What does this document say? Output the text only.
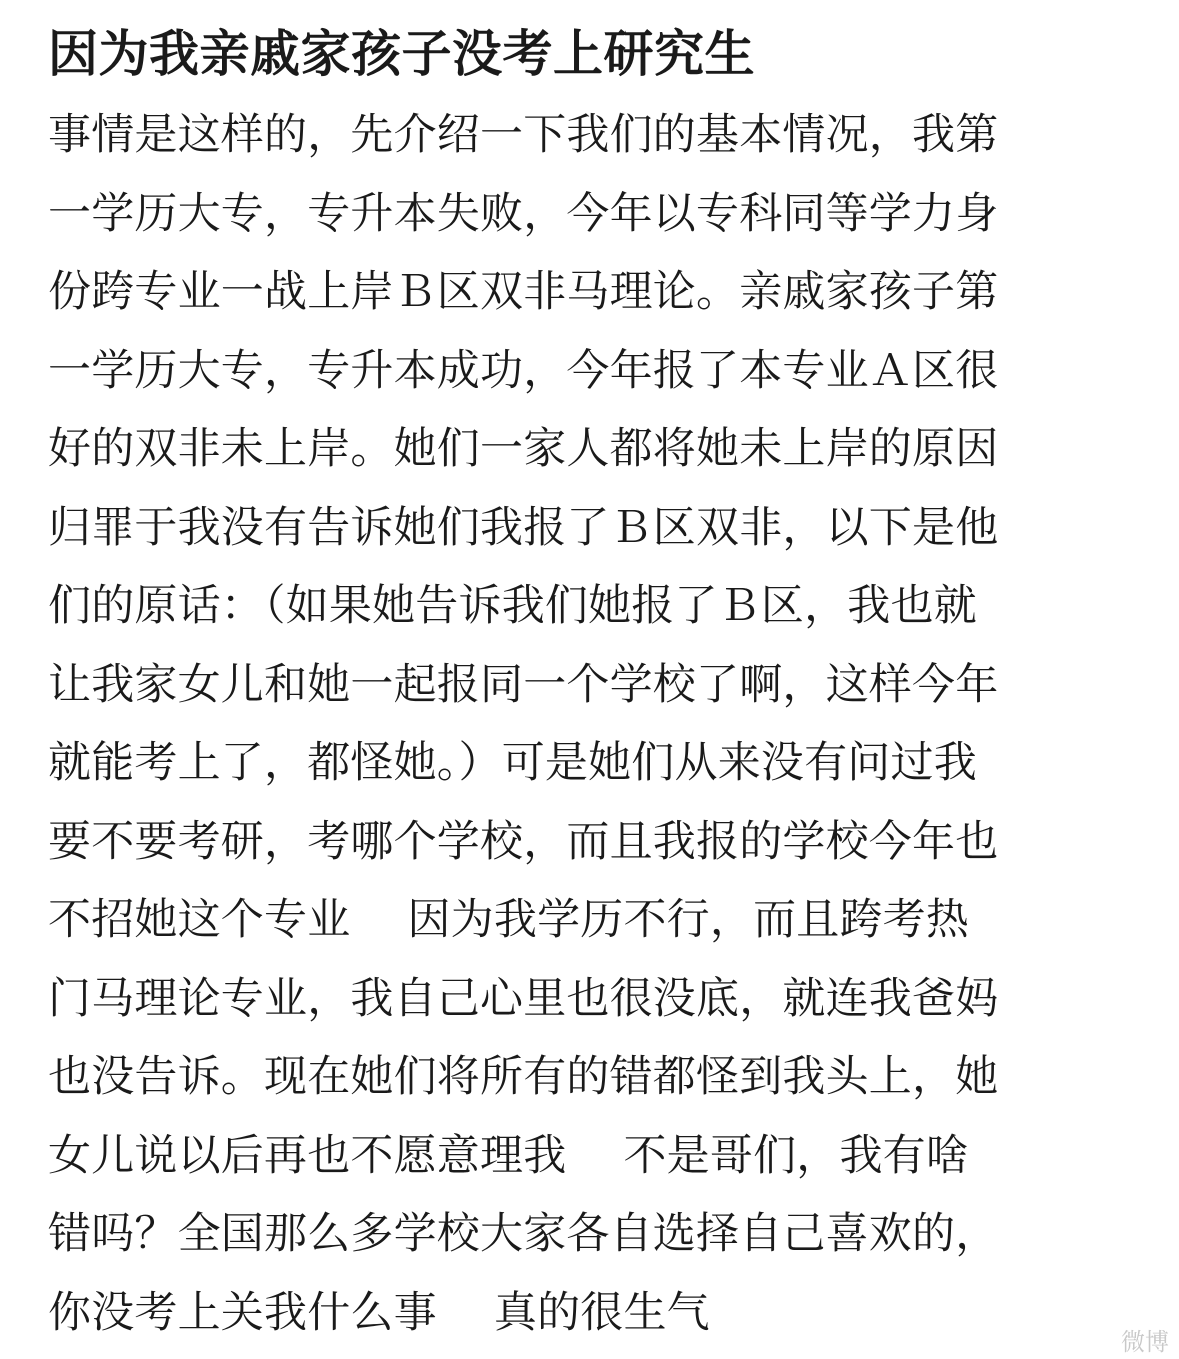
因为我亲戚家孩子没考上研究生
事情是这样的，先介绍一下我们的基本情况，我第
一学历大专，专升本失败，今年以专科同等学力身
份跨专业一战上岸Ｂ区双非马理论。亲戚家孩子第
一学历大专，专升本成功，今年报了本专业Ａ区很
好的双非未上岸。她们一家人都将她未上岸的原因
归罪于我没有告诉她们我报了Ｂ区双非，以下是他
们的原话：（如果她告诉我们她报了Ｂ区，我也就
让我家女儿和她一起报同一个学校了啊，这样今年
就能考上了，都怪她。）可是她们从来没有问过我
要不要考研，考哪个学校，而且我报的学校今年也
不招她这个专业　 因为我学历不行，而且跨考热
门马理论专业，我自己心里也很没底，就连我爸妈
也没告诉。现在她们将所有的错都怪到我头上，她
女儿说以后再也不愿意理我　 不是哥们，我有啥
错吗？全国那么多学校大家各自选择自己喜欢的，
你没考上关我什么事　 真的很生气
微博
